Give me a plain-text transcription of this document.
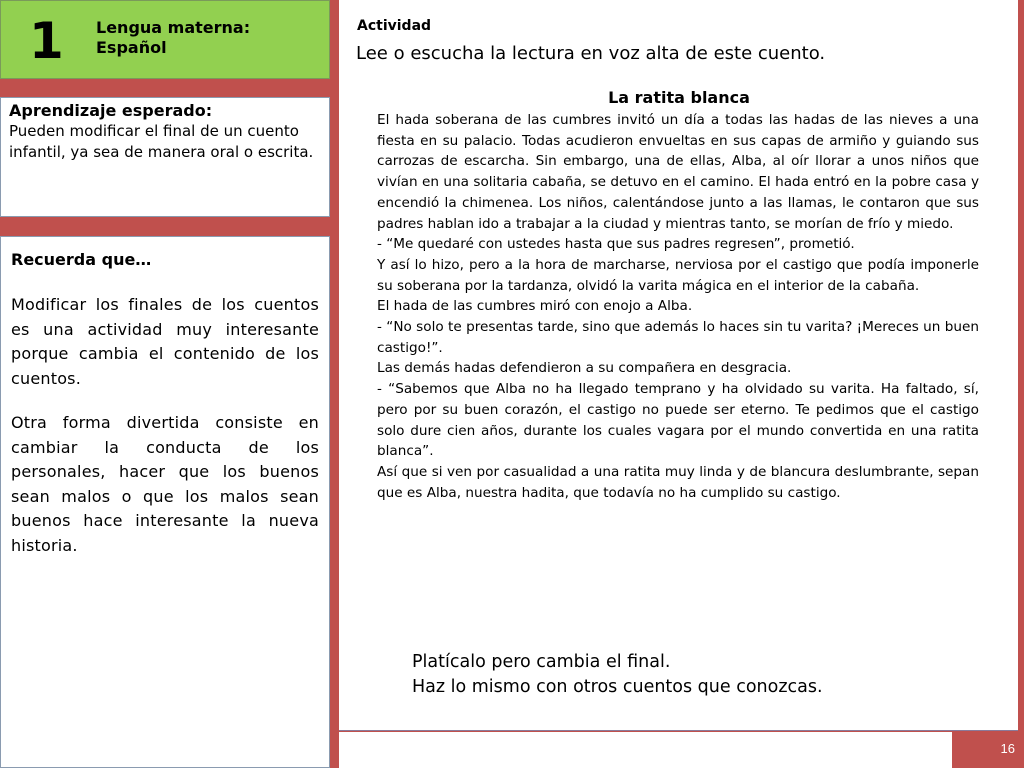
1 Lengua materna:
Español
Aprendizaje esperado:
Pueden modificar el final de un cuento infantil, ya sea de manera oral o escrita.
Recuerda que…

Modificar los finales de los cuentos es una actividad muy interesante porque cambia el contenido de los cuentos.

Otra forma divertida consiste en cambiar la conducta de los personales, hacer que los buenos sean malos o que los malos sean buenos hace interesante la nueva historia.

Actividad
Lee o escucha la lectura en voz alta de este cuento.
La ratita blanca

El hada soberana de las cumbres invitó un día a todas las hadas de las nieves a una fiesta en su palacio. Todas acudieron envueltas en sus capas de armiño y guiando sus carrozas de escarcha. Sin embargo, una de ellas, Alba, al oír llorar a unos niños que vivían en una solitaria cabaña, se detuvo en el camino. El hada entró en la pobre casa y encendió la chimenea. Los niños, calentándose junto a las llamas, le contaron que sus padres hablan ido a trabajar a la ciudad y mientras tanto, se morían de frío y miedo.

- “Me quedaré con ustedes hasta que sus padres regresen”, prometió.

Y así lo hizo, pero a la hora de marcharse, nerviosa por el castigo que podía imponerle su soberana por la tardanza, olvidó la varita mágica en el interior de la cabaña.

El hada de las cumbres miró con enojo a Alba.

- “No solo te presentas tarde, sino que además lo haces sin tu varita? ¡Mereces un buen castigo!”.

Las demás hadas defendieron a su compañera en desgracia.

- “Sabemos que Alba no ha llegado temprano y ha olvidado su varita. Ha faltado, sí, pero por su buen corazón, el castigo no puede ser eterno. Te pedimos que el castigo solo dure cien años, durante los cuales vagara por el mundo convertida en una ratita blanca”.

Así que si ven por casualidad a una ratita muy linda y de blancura deslumbrante, sepan que es Alba, nuestra hadita, que todavía no ha cumplido su castigo.

Platícalo pero cambia el final.
Haz lo mismo con otros cuentos que conozcas.
16
